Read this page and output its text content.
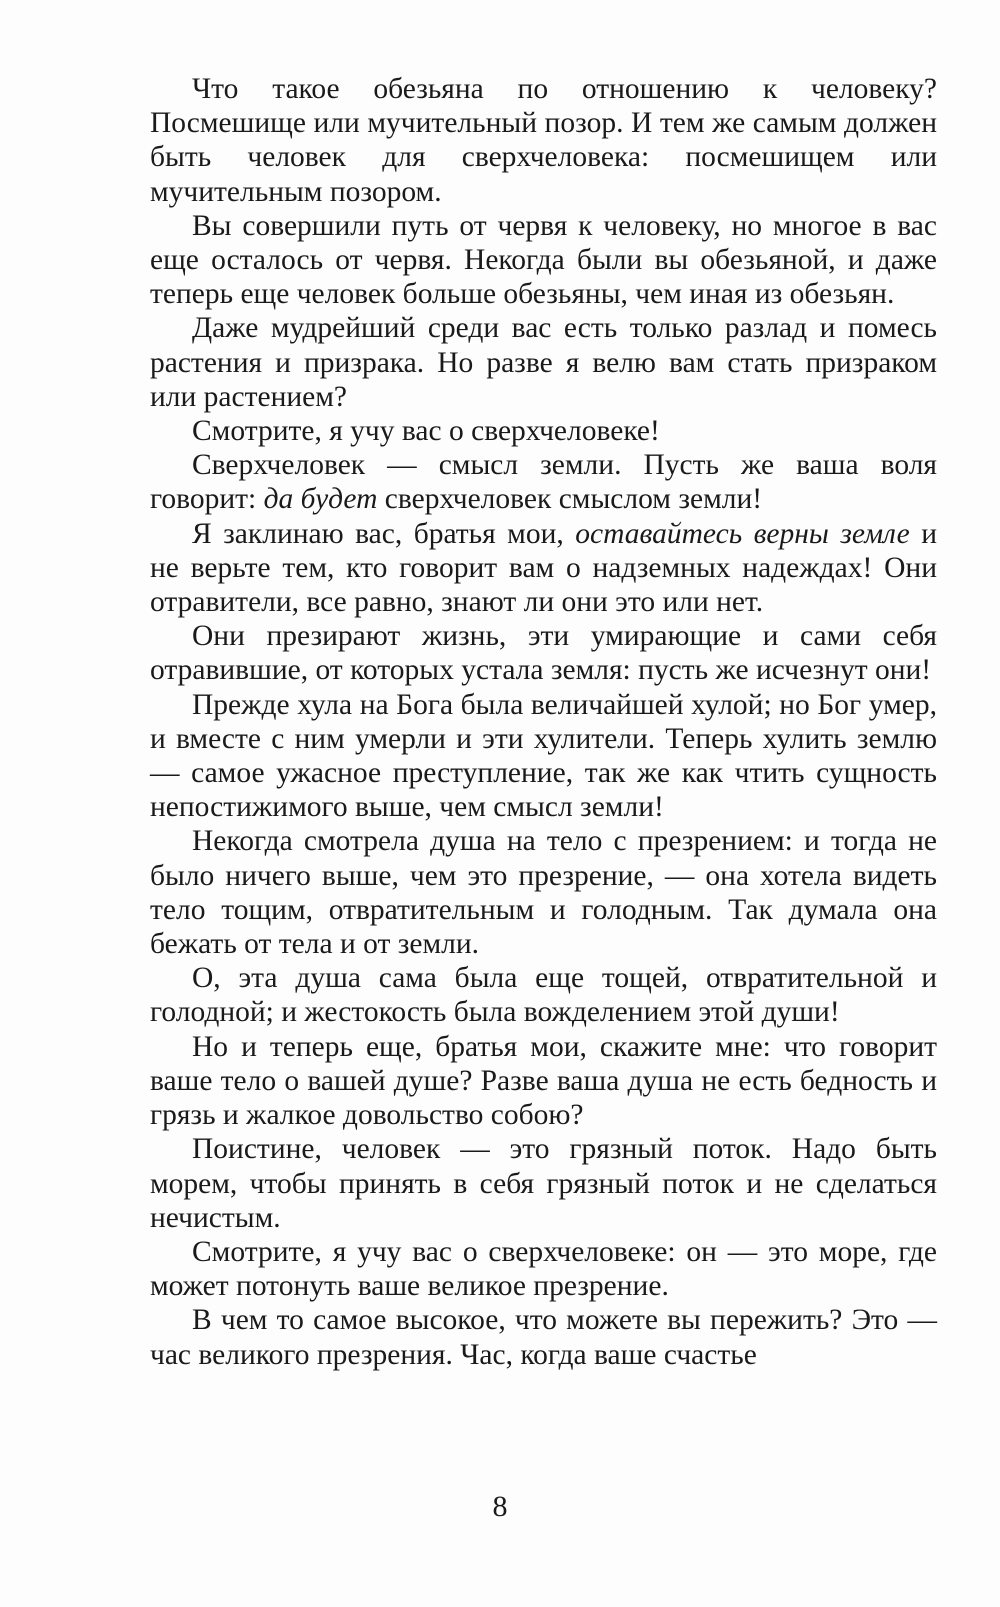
Что такое обезьяна по отношению к человеку? Посмешище или мучительный позор. И тем же самым должен быть человек для сверхчеловека: посмешищем или мучительным позором.

Вы совершили путь от червя к человеку, но многое в вас еще осталось от червя. Некогда были вы обезьяной, и даже теперь еще человек больше обезьяны, чем иная из обезьян.

Даже мудрейший среди вас есть только разлад и помесь растения и призрака. Но разве я велю вам стать призраком или растением?

Смотрите, я учу вас о сверхчеловеке!

Сверхчеловек — смысл земли. Пусть же ваша воля говорит: да будет сверхчеловек смыслом земли!

Я заклинаю вас, братья мои, оставайтесь верны земле и не верьте тем, кто говорит вам о надземных надеждах! Они отравители, все равно, знают ли они это или нет.

Они презирают жизнь, эти умирающие и сами себя отравившие, от которых устала земля: пусть же исчезнут они!

Прежде хула на Бога была величайшей хулой; но Бог умер, и вместе с ним умерли и эти хулители. Теперь хулить землю — самое ужасное преступление, так же как чтить сущность непостижимого выше, чем смысл земли!

Некогда смотрела душа на тело с презрением: и тогда не было ничего выше, чем это презрение, — она хотела видеть тело тощим, отвратительным и голодным. Так думала она бежать от тела и от земли.

О, эта душа сама была еще тощей, отвратительной и голодной; и жестокость была вожделением этой души!

Но и теперь еще, братья мои, скажите мне: что говорит ваше тело о вашей душе? Разве ваша душа не есть бедность и грязь и жалкое довольство собою?

Поистине, человек — это грязный поток. Надо быть морем, чтобы принять в себя грязный поток и не сделаться нечистым.

Смотрите, я учу вас о сверхчеловеке: он — это море, где может потонуть ваше великое презрение.

В чем то самое высокое, что можете вы пережить? Это — час великого презрения. Час, когда ваше счастье

8
